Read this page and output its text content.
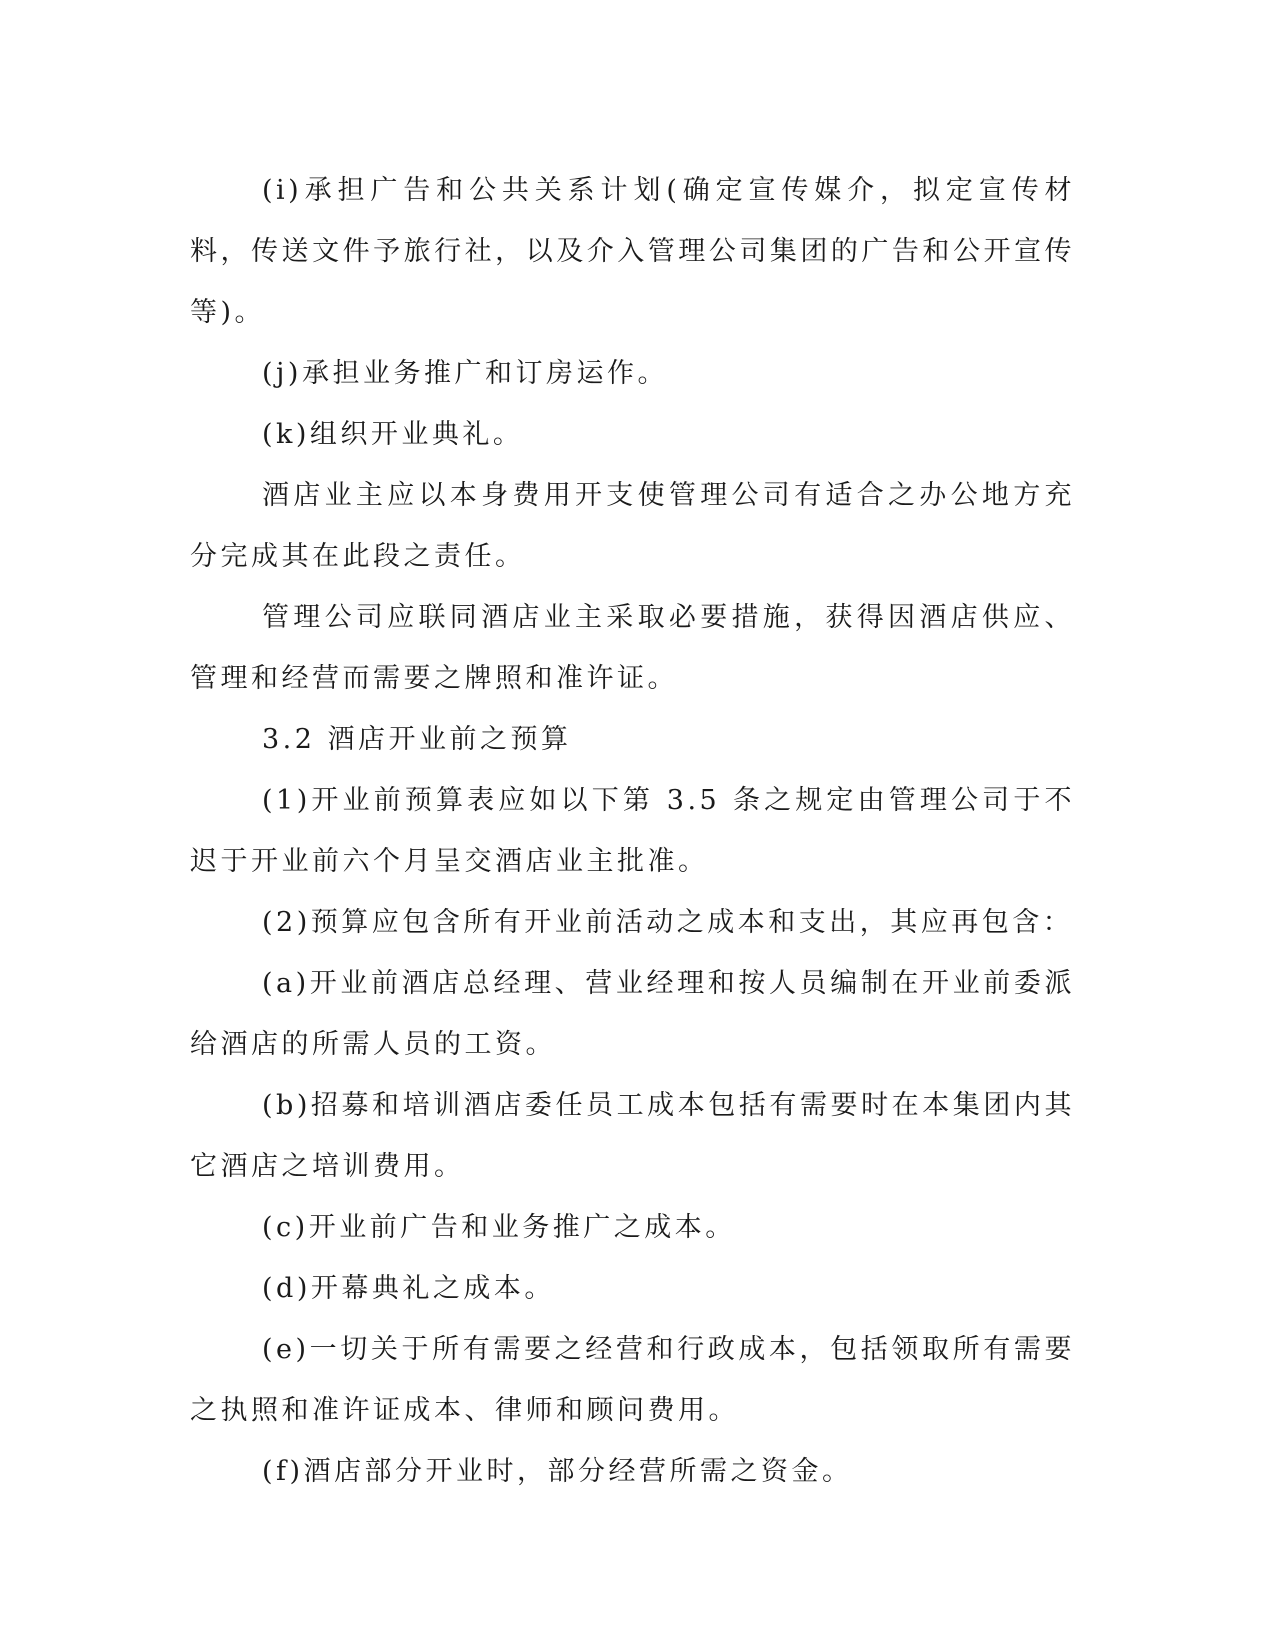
(i)承担广告和公共关系计划(确定宣传媒介，拟定宣传材料，传送文件予旅行社，以及介入管理公司集团的广告和公开宣传等)。

(j)承担业务推广和订房运作。

(k)组织开业典礼。

酒店业主应以本身费用开支使管理公司有适合之办公地方充分完成其在此段之责任。

管理公司应联同酒店业主采取必要措施，获得因酒店供应、管理和经营而需要之牌照和准许证。

3.2 酒店开业前之预算

(1)开业前预算表应如以下第 3.5 条之规定由管理公司于不迟于开业前六个月呈交酒店业主批准。

(2)预算应包含所有开业前活动之成本和支出，其应再包含：

(a)开业前酒店总经理、营业经理和按人员编制在开业前委派给酒店的所需人员的工资。

(b)招募和培训酒店委任员工成本包括有需要时在本集团内其它酒店之培训费用。

(c)开业前广告和业务推广之成本。

(d)开幕典礼之成本。

(e)一切关于所有需要之经营和行政成本，包括领取所有需要之执照和准许证成本、律师和顾问费用。

(f)酒店部分开业时，部分经营所需之资金。
